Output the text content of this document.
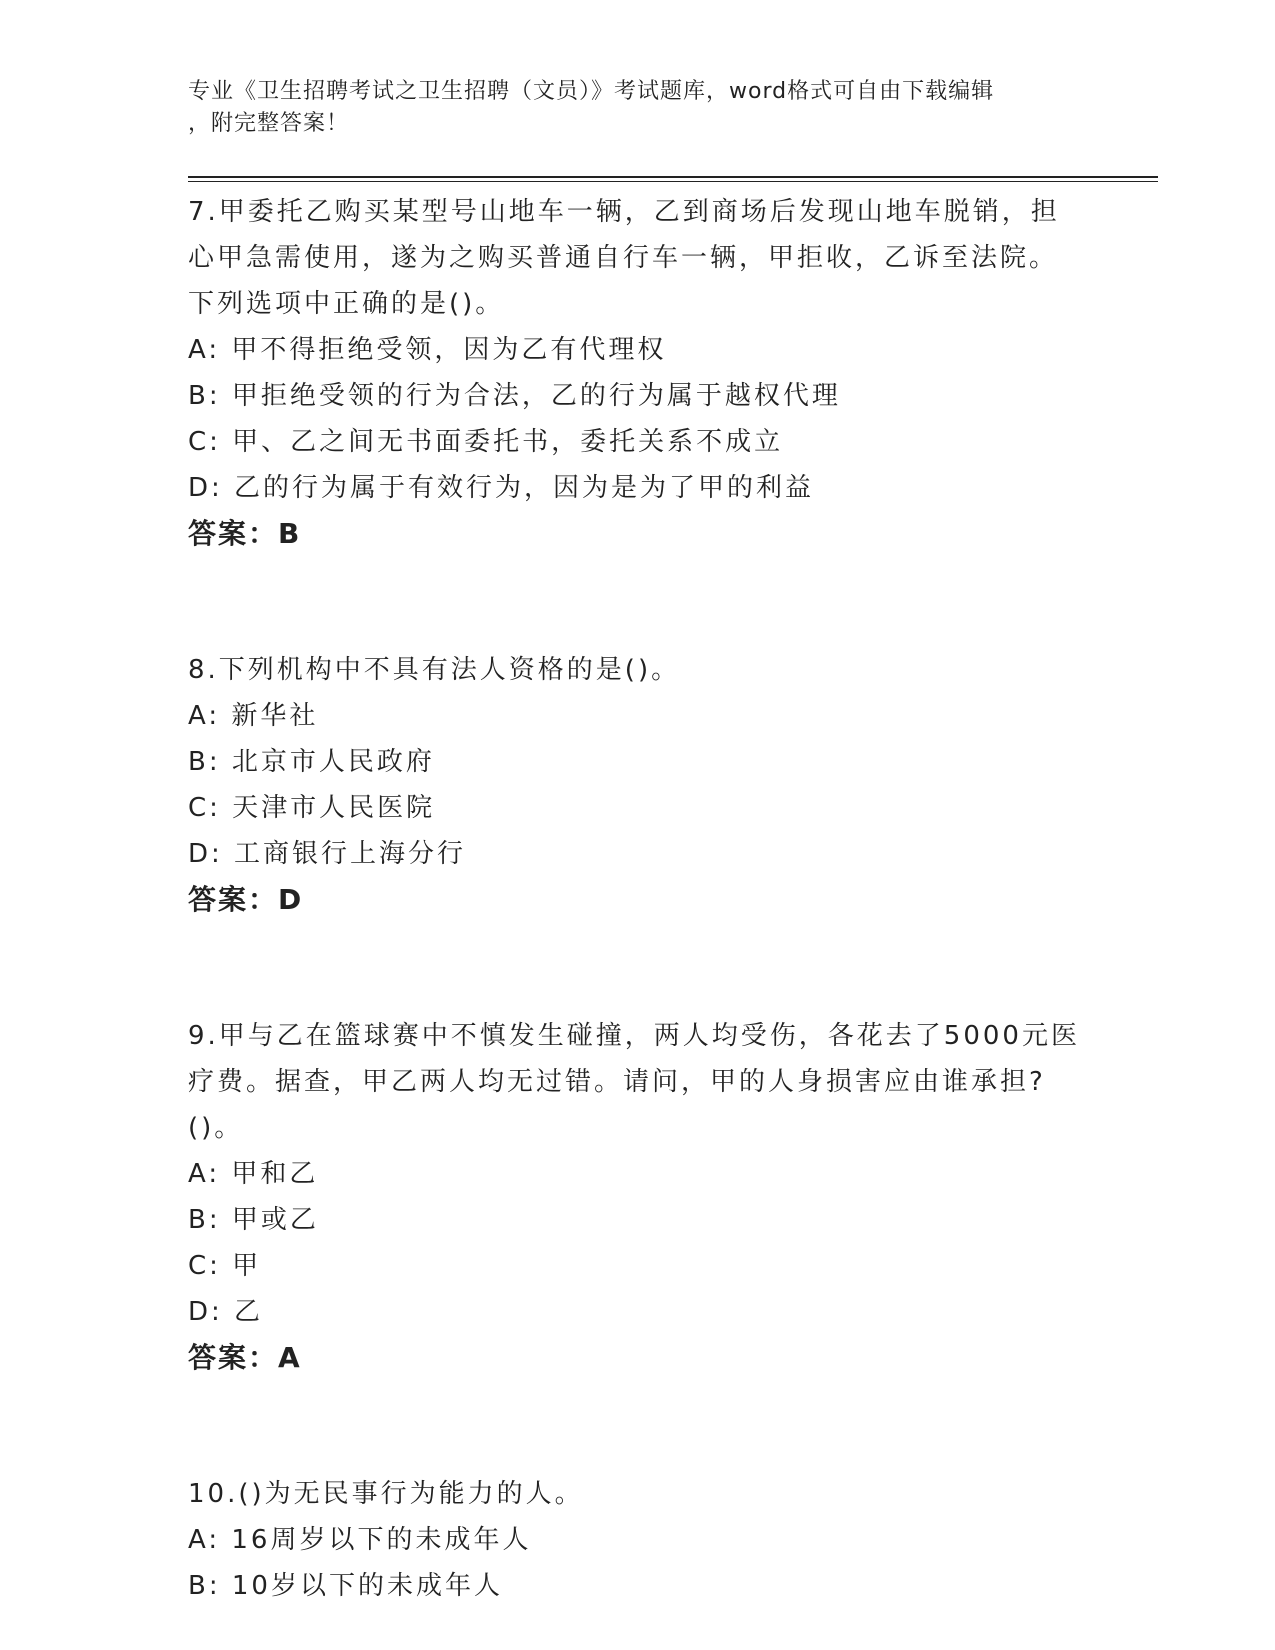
专业《卫生招聘考试之卫生招聘（文员）》考试题库，word格式可自由下载编辑
，附完整答案！
7.甲委托乙购买某型号山地车一辆，乙到商场后发现山地车脱销，担
心甲急需使用，遂为之购买普通自行车一辆，甲拒收，乙诉至法院。
下列选项中正确的是()。
A: 甲不得拒绝受领，因为乙有代理权
B: 甲拒绝受领的行为合法，乙的行为属于越权代理
C: 甲、乙之间无书面委托书，委托关系不成立
D: 乙的行为属于有效行为，因为是为了甲的利益
答案：B
8.下列机构中不具有法人资格的是()。
A: 新华社
B: 北京市人民政府
C: 天津市人民医院
D: 工商银行上海分行
答案：D
9.甲与乙在篮球赛中不慎发生碰撞，两人均受伤，各花去了5000元医
疗费。据查，甲乙两人均无过错。请问，甲的人身损害应由谁承担?
()。
A: 甲和乙
B: 甲或乙
C: 甲
D: 乙
答案：A
10.()为无民事行为能力的人。
A: 16周岁以下的未成年人
B: 10岁以下的未成年人
